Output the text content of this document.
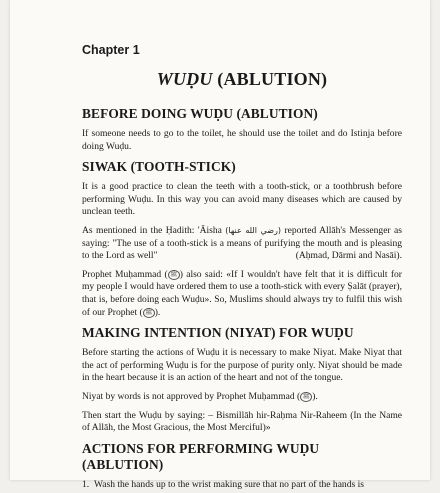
Chapter 1
WUḌU (ABLUTION)
BEFORE DOING WUḌU (ABLUTION)

If someone needs to go to the toilet, he should use the toilet and do Istinja before doing Wuḍu.

SIWAK (TOOTH-STICK)

It is a good practice to clean the teeth with a tooth-stick, or a toothbrush before performing Wuḍu. In this way you can avoid many diseases which are caused by unclean teeth.

As mentioned in the Ḥadith: 'Āisha (رضي الله عنها) reported Allāh's Messenger as saying: "The use of a tooth-stick is a means of purifying the mouth and is pleasing to the Lord as well"	(Aḥmad, Dārmi and Nasāi).

Prophet Muḥammad ( ﷺ ) also said: «If I wouldn't have felt that it is difficult for my people I would have ordered them to use a tooth-stick with every Ṣalāt (prayer), that is, before doing each Wuḍu». So, Muslims should always try to fulfil this wish of our Prophet ( ﷺ ).

MAKING INTENTION (NIYAT) FOR WUḌU

Before starting the actions of Wuḍu it is necessary to make Niyat. Make Niyat that the act of performing Wuḍu is for the purpose of purity only. Niyat should be made in the heart because it is an action of the heart and not of the tongue.

Niyat by words is not approved by Prophet Muḥammad ( ﷺ ).

Then start the Wuḍu by saying: – Bismillāh hir-Raḥma Nir-Raheem (In the Name of Allāh, the Most Gracious, the Most Merciful)»

ACTIONS FOR PERFORMING WUḌU (ABLUTION)
1. Wash the hands up to the wrist making sure that no part of the hands is
